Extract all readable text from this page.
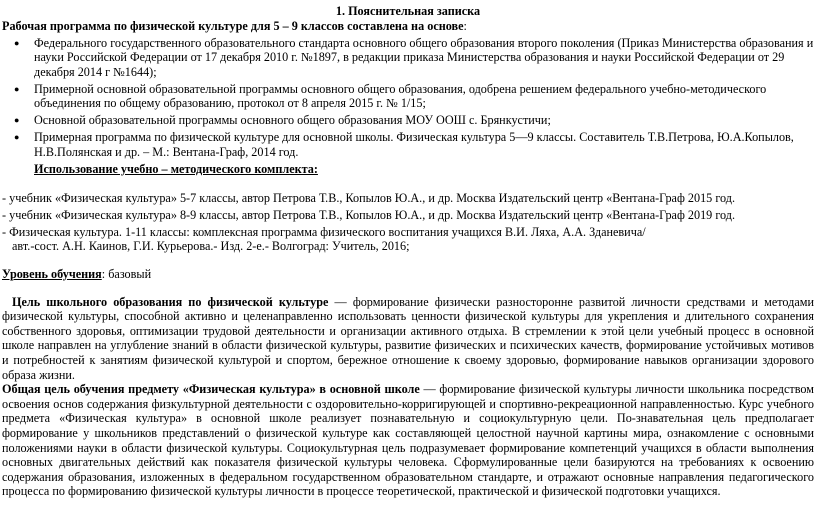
1. Пояснительная записка

Рабочая программа по физической культуре для 5 – 9 классов составлена на основе:

● Федерального государственного образовательного стандарта основного общего образования второго поколения (Приказ Министерства образования и науки Российской Федерации от 17 декабря 2010 г. №1897, в редакции приказа Министерства образования и науки Российской Федерации от 29 декабря 2014 г №1644);
● Примерной основной образовательной программы основного общего образования, одобрена решением федерального учебно-методического объединения по общему образованию, протокол от 8 апреля 2015 г. № 1/15;
● Основной образовательной программы основного общего образования МОУ ООШ с. Брянкустичи;
● Примерная программа по физической культуре для основной школы. Физическая культура 5—9 классы. Составитель Т.В.Петрова, Ю.А.Копылов, Н.В.Полянская и др. – М.: Вентана-Граф, 2014 год.

Использование учебно – методического комплекта:

- учебник «Физическая культура» 5-7 классы, автор Петрова Т.В., Копылов Ю.А., и др. Москва Издательский центр «Вентана-Граф 2015 год.

- учебник «Физическая культура» 8-9 классы, автор Петрова Т.В., Копылов Ю.А., и др. Москва Издательский центр «Вентана-Граф 2019 год.

- Физическая культура. 1-11 классы: комплексная программа физического воспитания учащихся В.И. Ляха, А.А. Зданевича/

авт.-сост. А.Н. Каинов, Г.И. Курьерова.- Изд. 2-е.- Волгоград: Учитель, 2016;

Уровень обучения: базовый

Цель школьного образования по физической культуре — формирование физически разносторонне развитой личности средствами и методами физической культуры, способной активно и целенаправленно использовать ценности физической культуры для укрепления и длительного сохранения собственного здоровья, оптимизации трудовой деятельности и организации активного отдыха. В стремлении к этой цели учебный процесс в основной школе направлен на углубление знаний в области физической культуры, развитие физических и психических качеств, формирование устойчивых мотивов и потребностей к занятиям физической культурой и спортом, бережное отношение к своему здоровью, формирование навыков организации здорового образа жизни.

Общая цель обучения предмету «Физическая культура» в основной школе — формирование физической культуры личности школьника посредством освоения основ содержания физкультурной деятельности с оздоровительно-корригирующей и спортивно-рекреационной направленностью. Курс учебного предмета «Физическая культура» в основной школе реализует познавательную и социокультурную цели. По-знавательная цель предполагает формирование у школьников представлений о физической культуре как составляющей целостной научной картины мира, ознакомление с основными положениями науки в области физической культуры. Социокультурная цель подразумевает формирование компетенций учащихся в области выполнения основных двигательных действий как показателя физической культуры человека. Сформулированные цели базируются на требованиях к освоению содержания образования, изложенных в федеральном государственном образовательном стандарте, и отражают основные направления педагогического процесса по формированию физической культуры личности в процессе теоретической, практической и физической подготовки учащихся.
